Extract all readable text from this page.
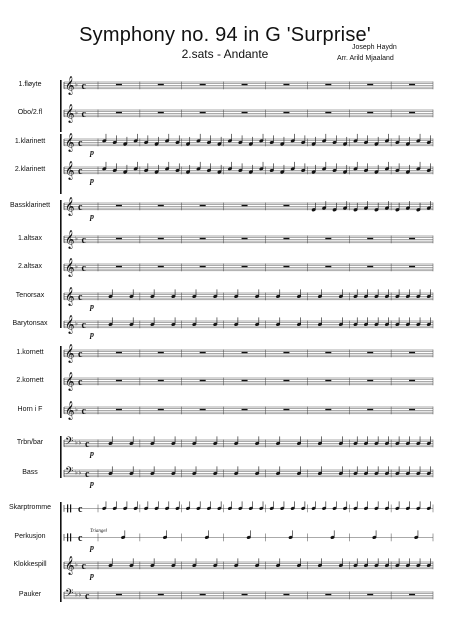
Symphony no. 94 in G 'Surprise'
2.sats - Andante	Joseph Haydn
Arr. Arild Mjaaland
1.fløyte
Obo/2.fl
1.klarinett
2.klarinett
Bassklarinett
1.altsax
2.altsax
Tenorsax
Barytonsax
1.kornett
2.kornett
Horn i F
Trbn/bar
Bass
Skarptromme
Perkusjon
Klokkespill
Pauker
𝄞 ♭ c
𝄞 ♭ c
𝄞 c
p
𝄞 c
p
𝄞 c
p
𝄞 ♭ c
𝄞 ♭ c
𝄞 c
p
𝄞 ♭ c
p
𝄞 c
𝄞 c
𝄞 ♭ c
𝄢 ♭ ♭ c
p
𝄢 ♭ ♭ c
p
c
c
p
Triangel
𝄞 ♭ c
p
𝄢 ♭ ♭ c
